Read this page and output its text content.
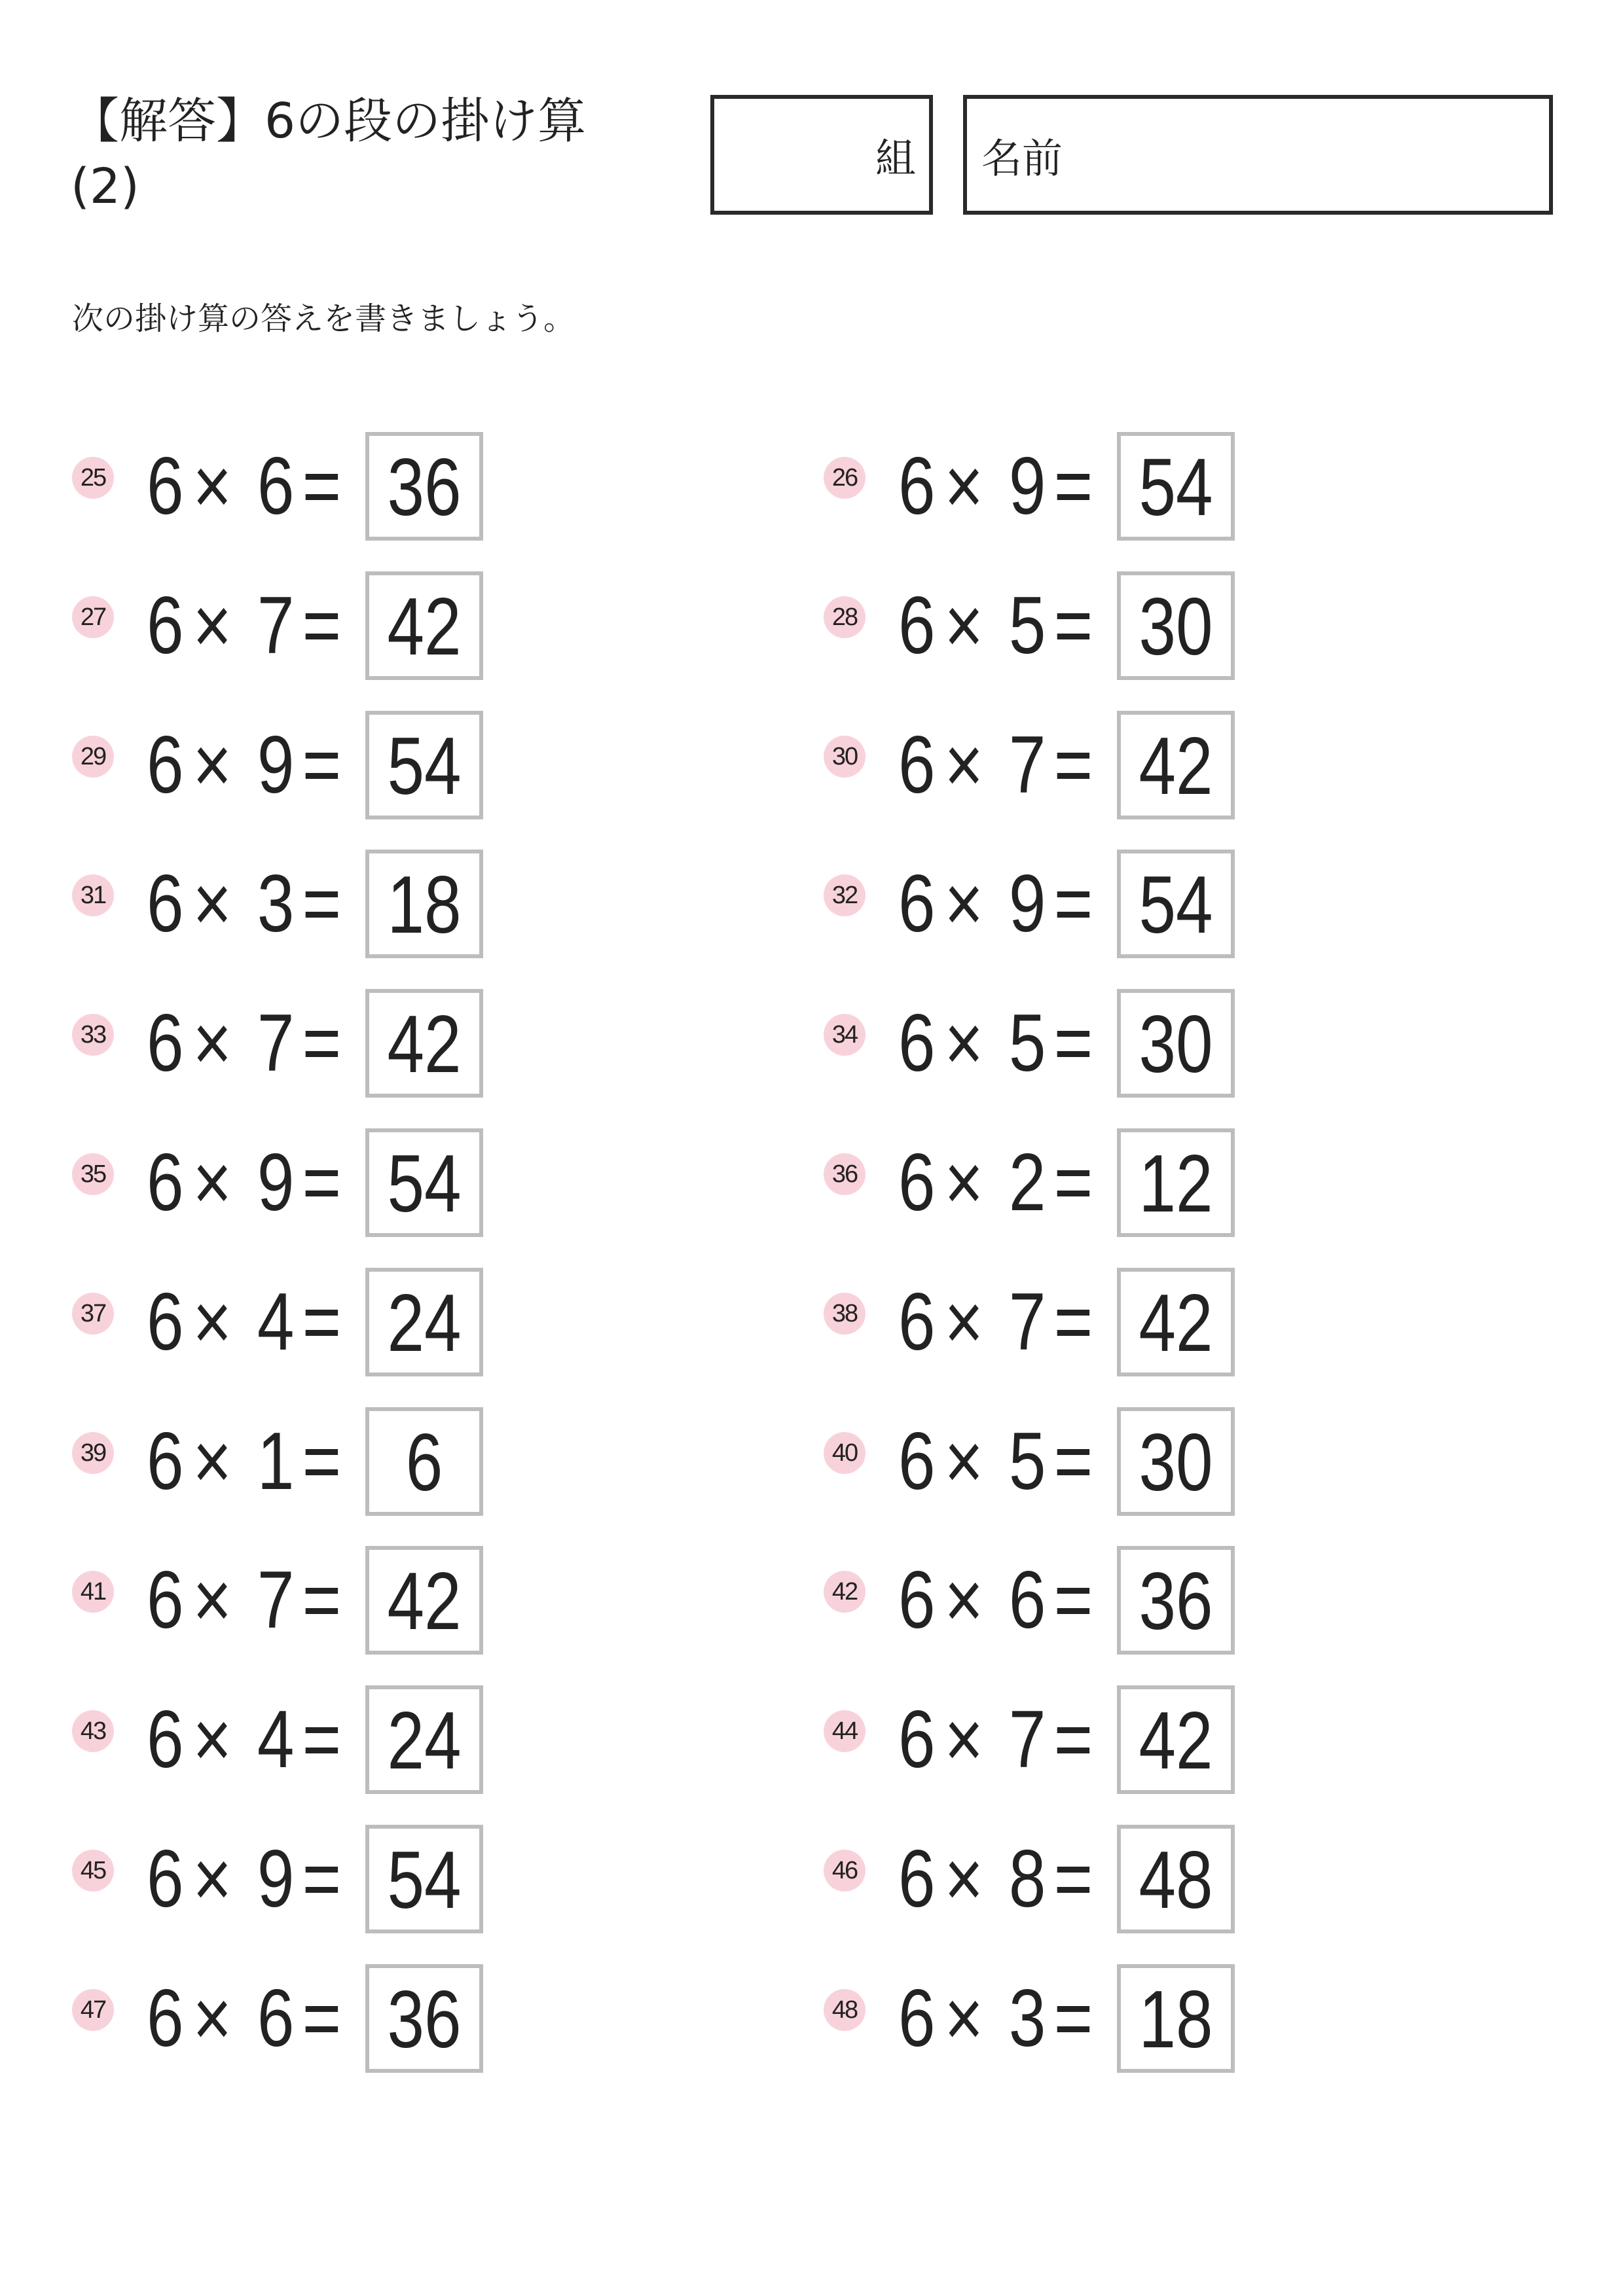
【解答】6の段の掛け算
(2)
組 名前
次の掛け算の答えを書きましょう。
25 6 × 6 = 36	26 6 × 9 = 54
27 6 × 7 = 42	28 6 × 5 = 30
29 6 × 9 = 54	30 6 × 7 = 42
31 6 × 3 = 18	32 6 × 9 = 54
33 6 × 7 = 42	34 6 × 5 = 30
35 6 × 9 = 54	36 6 × 2 = 12
37 6 × 4 = 24	38 6 × 7 = 42
39 6 × 1 = 6	40 6 × 5 = 30
41 6 × 7 = 42	42 6 × 6 = 36
43 6 × 4 = 24	44 6 × 7 = 42
45 6 × 9 = 54	46 6 × 8 = 48
47 6 × 6 = 36	48 6 × 3 = 18
